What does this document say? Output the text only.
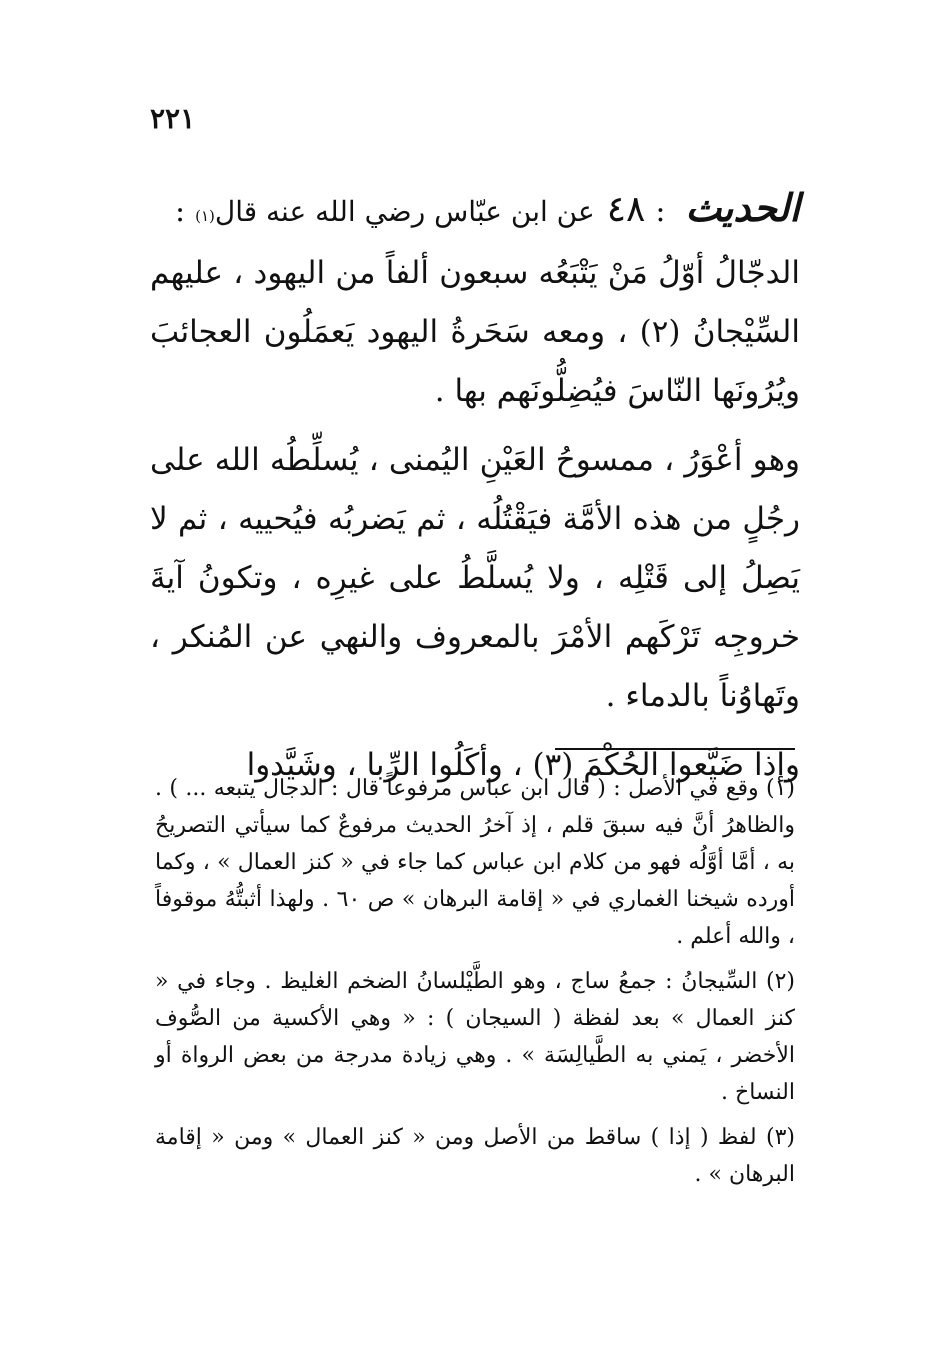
٢٢١
الحديث
:
٤٨
عن ابن عبّاس رضي الله عنه قال
(١)
:

الدجّالُ أوّلُ مَنْ يَتْبَعُه سبعون ألفاً من اليهود ، عليهم السِّيْجانُ (٢) ، ومعه سَحَرةُ اليهود يَعمَلُون العجائبَ ويُرُونَها النّاسَ فيُضِلُّونَهم بها .

وهو أعْوَرُ ، ممسوحُ العَيْنِ اليُمنى ، يُسلِّطُه الله على رجُلٍ من هذه الأمَّة فيَقْتُلُه ، ثم يَضربُه فيُحييه ، ثم لا يَصِلُ إلى قَتْلِه ، ولا يُسلَّطُ على غيرِه ، وتكونُ آيةَ خروجِه تَرْكَهم الأمْرَ بالمعروف والنهي عن المُنكر ، وتَهاوُناً بالدماء .

وإذا ضَيَّعوا الحُكْمَ (٣) ، وأكَلُوا الرِّبا ، وشَيَّدوا

(١) وقع في الأصل : ( قال ابن عباس مرفوعاً قال : الدجال يتبعه ... ) . والظاهرُ أنَّ فيه سبقَ قلم ، إذ آخرُ الحديث مرفوعٌ كما سيأتي التصريحُ به ، أمَّا أوَّلُه فهو من كلام ابن عباس كما جاء في « كنز العمال » ، وكما أورده شيخنا الغماري في « إقامة البرهان » ص ٦٠ . ولهذا أثبتُّهُ موقوفاً ، والله أعلم .

(٢) السِّيجانُ : جمعُ ساج ، وهو الطَّيْلسانُ الضخم الغليظ . وجاء في « كنز العمال » بعد لفظة ( السيجان ) : « وهي الأكسية من الصُّوف الأخضر ، يَمني به الطَّيالِسَة » . وهي زيادة مدرجة من بعض الرواة أو النساخ .

(٣) لفظ ( إذا ) ساقط من الأصل ومن « كنز العمال » ومن « إقامة البرهان » .
